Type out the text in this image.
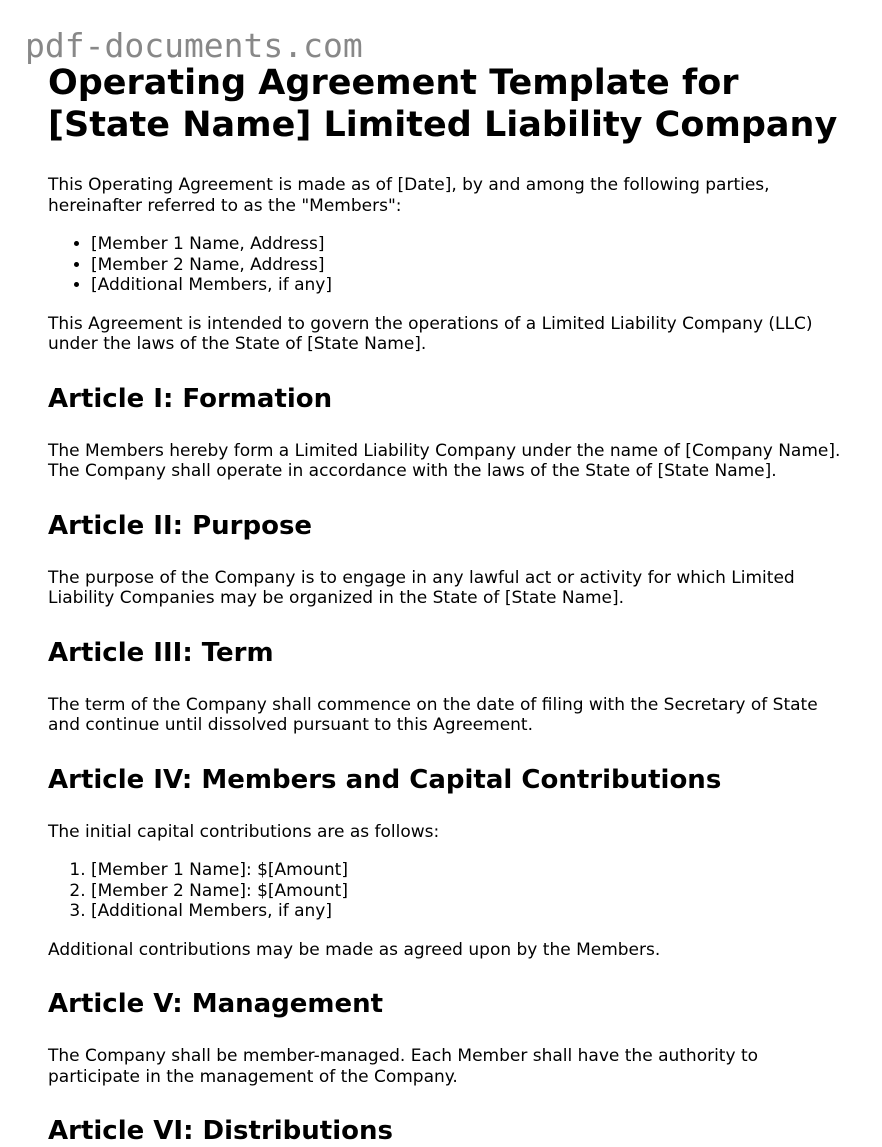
pdf-documents.com
Operating Agreement Template for [State Name] Limited Liability Company

This Operating Agreement is made as of [Date], by and among the following parties, hereinafter referred to as the "Members":

• [Member 1 Name, Address]
• [Member 2 Name, Address]
• [Additional Members, if any]

This Agreement is intended to govern the operations of a Limited Liability Company (LLC) under the laws of the State of [State Name].

Article I: Formation

The Members hereby form a Limited Liability Company under the name of [Company Name]. The Company shall operate in accordance with the laws of the State of [State Name].

Article II: Purpose

The purpose of the Company is to engage in any lawful act or activity for which Limited Liability Companies may be organized in the State of [State Name].

Article III: Term

The term of the Company shall commence on the date of filing with the Secretary of State and continue until dissolved pursuant to this Agreement.

Article IV: Members and Capital Contributions

The initial capital contributions are as follows:

1. [Member 1 Name]: $[Amount]
2. [Member 2 Name]: $[Amount]
3. [Additional Members, if any]

Additional contributions may be made as agreed upon by the Members.

Article V: Management

The Company shall be member-managed. Each Member shall have the authority to participate in the management of the Company.

Article VI: Distributions
